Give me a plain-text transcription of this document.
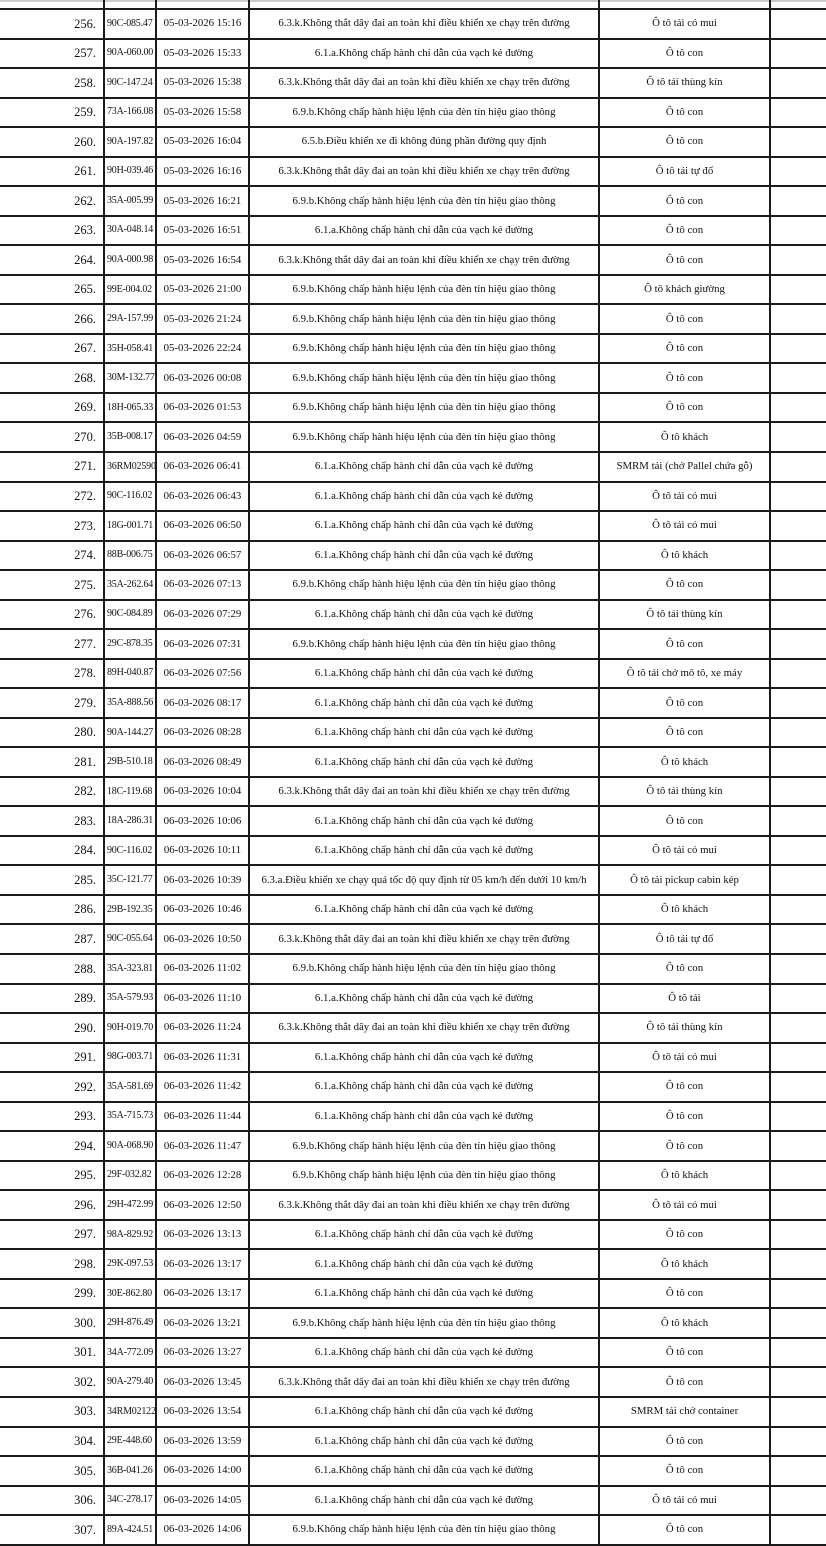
256.	90C-085.47	05-03-2026 15:16	6.3.k.Không thắt dây đai an toàn khi điều khiển xe chạy trên đường	Ô tô tải có mui
257.	90A-060.00 05-03-2026 15:33	6.1.a.Không chấp hành chỉ dẫn của vạch kẻ đường	Ô tô con
258.	90C-147.24	05-03-2026 15:38	6.3.k.Không thắt dây đai an toàn khi điều khiển xe chạy trên đường	Ô tô tải thùng kín
259.	73A-166.08 05-03-2026 15:58	6.9.b.Không chấp hành hiệu lệnh của đèn tín hiệu giao thông	Ô tô con
260.	90A-197.82 05-03-2026 16:04	6.5.b.Điều khiển xe đi không đúng phần đường quy định	Ô tô con
261.	90H-039.46 05-03-2026 16:16	6.3.k.Không thắt dây đai an toàn khi điều khiển xe chạy trên đường	Ô tô tải tự đổ
262.	35A-005.99 05-03-2026 16:21	6.9.b.Không chấp hành hiệu lệnh của đèn tín hiệu giao thông	Ô tô con
263.	30A-048.14 05-03-2026 16:51	6.1.a.Không chấp hành chỉ dẫn của vạch kẻ đường	Ô tô con
264.	90A-000.98 05-03-2026 16:54	6.3.k.Không thắt dây đai an toàn khi điều khiển xe chạy trên đường	Ô tô con
265.	99E-004.02	05-03-2026 21:00	6.9.b.Không chấp hành hiệu lệnh của đèn tín hiệu giao thông	Ô tô khách giường
266.	29A-157.99 05-03-2026 21:24	6.9.b.Không chấp hành hiệu lệnh của đèn tín hiệu giao thông	Ô tô con
267.	35H-058.41 05-03-2026 22:24	6.9.b.Không chấp hành hiệu lệnh của đèn tín hiệu giao thông	Ô tô con
268.	30M-132.77 06-03-2026 00:08	6.9.b.Không chấp hành hiệu lệnh của đèn tín hiệu giao thông	Ô tô con
269.	18H-065.33 06-03-2026 01:53	6.9.b.Không chấp hành hiệu lệnh của đèn tín hiệu giao thông	Ô tô con
270.	35B-008.17	06-03-2026 04:59	6.9.b.Không chấp hành hiệu lệnh của đèn tín hiệu giao thông	Ô tô khách
271.	36RM02590 06-03-2026 06:41	6.1.a.Không chấp hành chỉ dẫn của vạch kẻ đường	SMRM tải (chở Pallel chứa gỗ)
272.	90C-116.02	06-03-2026 06:43	6.1.a.Không chấp hành chỉ dẫn của vạch kẻ đường	Ô tô tải có mui
273.	18G-001.71 06-03-2026 06:50	6.1.a.Không chấp hành chỉ dẫn của vạch kẻ đường	Ô tô tải có mui
274.	88B-006.75	06-03-2026 06:57	6.1.a.Không chấp hành chỉ dẫn của vạch kẻ đường	Ô tô khách
275.	35A-262.64 06-03-2026 07:13	6.9.b.Không chấp hành hiệu lệnh của đèn tín hiệu giao thông	Ô tô con
276.	90C-084.89	06-03-2026 07:29	6.1.a.Không chấp hành chỉ dẫn của vạch kẻ đường	Ô tô tải thùng kín
277.	29C-878.35	06-03-2026 07:31	6.9.b.Không chấp hành hiệu lệnh của đèn tín hiệu giao thông	Ô tô con
278.	89H-040.87 06-03-2026 07:56	6.1.a.Không chấp hành chỉ dẫn của vạch kẻ đường	Ô tô tải chở mô tô, xe máy
279.	35A-888.56 06-03-2026 08:17	6.1.a.Không chấp hành chỉ dẫn của vạch kẻ đường	Ô tô con
280.	90A-144.27 06-03-2026 08:28	6.1.a.Không chấp hành chỉ dẫn của vạch kẻ đường	Ô tô con
281.	29B-510.18	06-03-2026 08:49	6.1.a.Không chấp hành chỉ dẫn của vạch kẻ đường	Ô tô khách
282.	18C-119.68	06-03-2026 10:04	6.3.k.Không thắt dây đai an toàn khi điều khiển xe chạy trên đường	Ô tô tải thùng kín
283.	18A-286.31 06-03-2026 10:06	6.1.a.Không chấp hành chỉ dẫn của vạch kẻ đường	Ô tô con
284.	90C-116.02	06-03-2026 10:11	6.1.a.Không chấp hành chỉ dẫn của vạch kẻ đường	Ô tô tải có mui
285.	35C-121.77	06-03-2026 10:39	6.3.a.Điều khiển xe chạy quá tốc độ quy định từ 05 km/h đến dưới 10 km/h	Ô tô tải pickup cabin kép
286.	29B-192.35	06-03-2026 10:46	6.1.a.Không chấp hành chỉ dẫn của vạch kẻ đường	Ô tô khách
287.	90C-055.64	06-03-2026 10:50	6.3.k.Không thắt dây đai an toàn khi điều khiển xe chạy trên đường	Ô tô tải tự đổ
288.	35A-323.81 06-03-2026 11:02	6.9.b.Không chấp hành hiệu lệnh của đèn tín hiệu giao thông	Ô tô con
289.	35A-579.93 06-03-2026 11:10	6.1.a.Không chấp hành chỉ dẫn của vạch kẻ đường	Ô tô tải
290.	90H-019.70 06-03-2026 11:24	6.3.k.Không thắt dây đai an toàn khi điều khiển xe chạy trên đường	Ô tô tải thùng kín
291.	98G-003.71 06-03-2026 11:31	6.1.a.Không chấp hành chỉ dẫn của vạch kẻ đường	Ô tô tải có mui
292.	35A-581.69 06-03-2026 11:42	6.1.a.Không chấp hành chỉ dẫn của vạch kẻ đường	Ô tô con
293.	35A-715.73 06-03-2026 11:44	6.1.a.Không chấp hành chỉ dẫn của vạch kẻ đường	Ô tô con
294.	90A-068.90 06-03-2026 11:47	6.9.b.Không chấp hành hiệu lệnh của đèn tín hiệu giao thông	Ô tô con
295.	29F-032.82	06-03-2026 12:28	6.9.b.Không chấp hành hiệu lệnh của đèn tín hiệu giao thông	Ô tô khách
296.	29H-472.99 06-03-2026 12:50	6.3.k.Không thắt dây đai an toàn khi điều khiển xe chạy trên đường	Ô tô tải có mui
297.	98A-829.92 06-03-2026 13:13	6.1.a.Không chấp hành chỉ dẫn của vạch kẻ đường	Ô tô con
298.	29K-097.53 06-03-2026 13:17	6.1.a.Không chấp hành chỉ dẫn của vạch kẻ đường	Ô tô khách
299.	30E-862.80	06-03-2026 13:17	6.1.a.Không chấp hành chỉ dẫn của vạch kẻ đường	Ô tô con
300.	29H-876.49 06-03-2026 13:21	6.9.b.Không chấp hành hiệu lệnh của đèn tín hiệu giao thông	Ô tô khách
301.	34A-772.09 06-03-2026 13:27	6.1.a.Không chấp hành chỉ dẫn của vạch kẻ đường	Ô tô con
302.	90A-279.40 06-03-2026 13:45	6.3.k.Không thắt dây đai an toàn khi điều khiển xe chạy trên đường	Ô tô con
303.	34RM02122 06-03-2026 13:54	6.1.a.Không chấp hành chỉ dẫn của vạch kẻ đường	SMRM tải chở container
304.	29E-448.60	06-03-2026 13:59	6.1.a.Không chấp hành chỉ dẫn của vạch kẻ đường	Ô tô con
305.	36B-041.26	06-03-2026 14:00	6.1.a.Không chấp hành chỉ dẫn của vạch kẻ đường	Ô tô con
306.	34C-278.17	06-03-2026 14:05	6.1.a.Không chấp hành chỉ dẫn của vạch kẻ đường	Ô tô tải có mui
307.	89A-424.51 06-03-2026 14:06	6.9.b.Không chấp hành hiệu lệnh của đèn tín hiệu giao thông	Ô tô con
